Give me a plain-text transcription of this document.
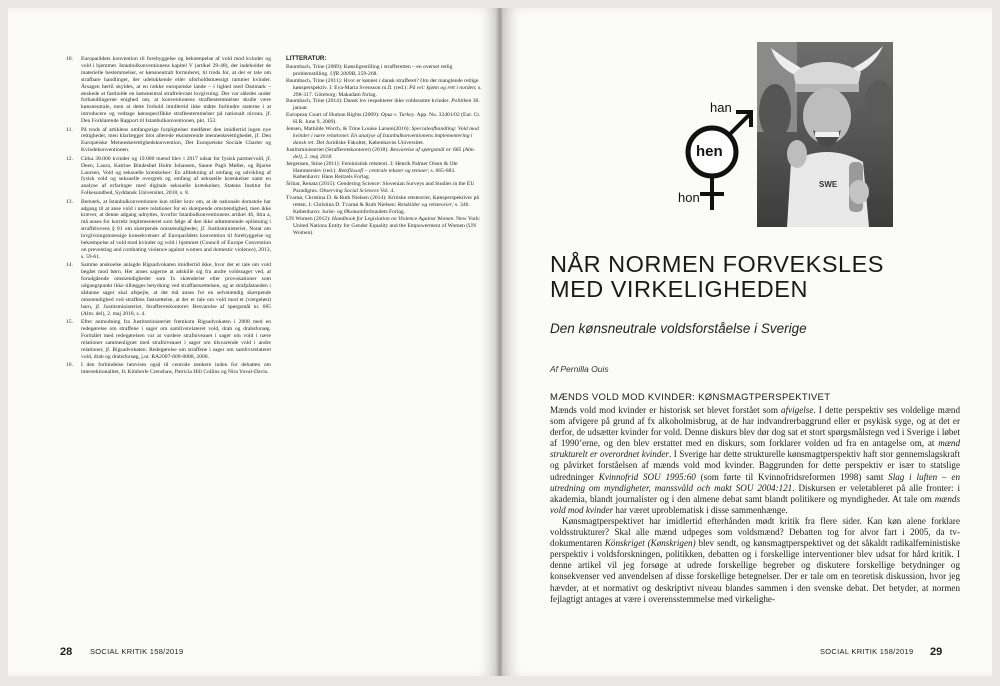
10.	Europarådets konvention til forebyggelse og bekæmpelse af vold mod kvinder og vold i hjemmet. Istanbulkonventionens kapitel V (artikel 29-48), der indeholder de materielle bestemmelser, er kønsneutralt formuleret, til trods for, at der er tale om strafbare handlinger, der udelukkende eller uforholdsmæssigt rammer kvinder. Årsagen hertil skyldes, at en række europæiske lande – i lighed med Danmark – ønskede at fastholde en kønsneutral strafrelevant lovgivning. Der var således under forhandlingerne enighed om, at konventionens strafbestemmelser skulle være kønsneutrale, men at dette forhold imidlertid ikke måtte forhindre staterne i at introducere og vedtage kønsspecifikke strafbestemmelser på nationalt niveau, jf. Den Forklarende Rapport til Istanbulkonventionen, pkt. 153.
11.	På trods af artiklens omfangsrige forpligtelser medfører den imidlertid ingen nye rettigheder, men klarlægger blot allerede eksisterende menneskerettigheder, jf. Den Europæiske Menneskerettighedskonvention, Det Europæiske Sociale Charter og Kvindekonventionen.
12.	Cirka 38.000 kvinder og 19.000 mænd blev i 2017 udsat for fysisk partnervold, jf. Deen, Laura, Katrine Bindesbøl Holm Johansen, Sanne Pagh Møller, og Bjarne Laursen, Vold og seksuelle krænkelser: En afdækning af omfang og udvikling af fysisk vold og seksuelle overgreb og omfang af seksuelle krænkelser samt en analyse af erfaringer med digitale seksuelle krænkelser, Statens Institut for Folkesundhed, Syddansk Universitet, 2018, s. 8.
13.	Bemærk, at Istanbulkonventionen kun stiller krav om, at de nationale domstole har adgang til at anse vold i nære relationer for en skærpende omstændighed, men ikke kræver, at denne adgang udnyttes, hvorfor Istanbulkonventionens artikel 46, litra a, må anses for korrekt implementeret som følge af den ikke udtømmende oplistning i straffelovens § 81 om skærpende omstændigheder, jf. Justitsministeriet, Notat om lovgivningsmæssige konsekvenser af Europarådets konvention til forebyggelse og bekæmpelse af vold mod kvinder og vold i hjemmet (Council of Europe Convention on preventing and combating violence against women and domestic violence), 2013, s. 59-61.
14.	Samme anskuelse anlagde Rigsadvokaten imidlertid ikke, hvor der er tale om vold begået mod børn. Her anses sagerne at adskille sig fra andre voldssager ved, at forudgående omstændigheder som fx skænderier eller provokationer som udgangspunkt ikke tillægges betydning ved straffastsættelsen, og at strafpåstanden i sådanne sager skal afspejle, at det må anses for en selvstændig skærpende omstændighed ved straffens fastsættelse, at der er tale om vold mod et (værgeløst) barn, jf. Justitsministeriet, Strafferetskontoret: Besvarelse af spørgsmål nr. 685 (Alm. del), 2. maj 2018, s. 4.
15.	Efter anmodning fra Justitsministeriet fremkom Rigsadvokaten i 2008 med en redegørelse om straffene i sager om samlivsrelateret vold, drab og drabsforsøg. Formålet med redegørelsen var at vurdere strafniveauet i sager om vold i nære relationer sammenlignet med strafniveauet i sager om tilsvarende vold i andre relationer, jf. Rigsadvokaten: Redegørelse om straffene i sager om samlivsrelateret vold, drab og drabsforsøg, j.nr. RA2007-609-0088, 2008.
16.	I den forbindelse henvises også til centrale tænkere inden for debatten om intersektionalitet, fx Kimberle Crenshaw, Patricia Hill Collins og Nira Yuval-Davis.
LITTERATUR:
Baumbach, Trine (2009): Kønsligestilling i strafferetten – en overset retlig problemstilling. UfR 2009B, 259-268.
Baumbach, Trine (2011): Hvor er kønnet i dansk strafferet? Om det manglende retlige kønsperspektiv. I: Eva-Maria Svensson m.fl. (red.): På vei: kjønn og rett i norden; s. 298-317. Göteborg: Makadam förlag.
Baumbach, Trine (2014): Dansk lov respekterer ikke voldsramte kvinder. Politiken 30. januar.
European Court of Human Rights (2009): Opuz v. Turkey. App. No. 33401/02 (Eur. Ct. H.R. June 9, 2009).
Jensen, Mathilde Worch, & Trine Louise Larsen(2016): Specialeafhandling: Vold mod kvinder i nære relationer. En analyse af Istanbulkonventionens implementering i dansk ret. Det Juridiske Fakultet, Københavns Universitet.
Justitsministeriet (Strafferetskontoret) (2018): Besvarelse af spørgsmål nr. 685 (Alm. del), 2. maj 2018.
Jørgensen, Stine (2011): Feministisk retsteori. I: Henrik Palmer Olsen & Ole Hammerslev (red.): Retsfilosofi – centrale tekster og temaer; s. 665-683. København: Hans Reitzels Forlag.
Šribar, Renata (2015): Gendering Science: Slovenian Surveys and Studies in the EU Paradigms. Observing Social Sciences Vol. 4.
Tvarnø, Christina D. & Ruth Nielsen (2014): Kritiske retsteorier, Kønsperspektiver på retten. I: Christina D. Tvarnø & Ruth Nielsen: Retskilder og retsteorier; s. 346. København: Jurist- og Økonomforbundets Forlag.
UN Women (2012): Handbook for Legislation on Violence Against Women. New York: United Nations Entity for Gender Equality and the Empowerment of Women (UN Women).
28 SOCIAL KRITIK 158/2019
SWE
han
hen
hon
NÅR NORMEN FORVEKSLES
MED VIRKELIGHEDEN
Den kønsneutrale voldsforståelse i Sverige
Af Pernilla Ouis
MÆNDS VOLD MOD KVINDER: KØNSMAGTPERSPEKTIVET

Mænds vold mod kvinder er historisk set blevet forstået som afvigelse. I dette perspektiv ses voldelige mænd som afvigere på grund af fx alkoholmisbrug, at de har indvandrerbaggrund eller er psykisk syge, og at det er derfor, de udsætter kvinder for vold. Denne diskurs blev dør dog sat et stort spørgsmålstegn ved i Sverige i løbet af 1990’erne, og den blev erstattet med en diskurs, som forklarer volden ud fra en antagelse om, at mænd strukturelt er overordnet kvinder. I Sverige har dette strukturelle kønsmagtperspektiv haft stor gennemslagskraft og påvirket forståelsen af mænds vold mod kvinder. Baggrunden for dette perspektiv er især to statslige udredninger Kvinnofrid SOU 1995:60 (som førte til Kvinnofridsreformen 1998) samt Slag i luften – en utredning om myndigheter, manssvåld och makt SOU 2004:121. Diskursen er veletableret på alle fronter: i akademia, blandt journalister og i den almene debat samt blandt politikere og myndigheder. At tale om mænds vold mod kvinder har været uproblematisk i disse sammenhænge.

Kønsmagtperspektivet har imidlertid efterhånden mødt kritik fra flere sider. Kan køn alene forklare voldsstrukturer? Skal alle mænd udpeges som voldsmænd? Debatten tog for alvor fart i 2005, da tv-dokumentaren Könskriget (Kønskrigen) blev sendt, og kønsmagtperspektivet og det såkaldt radikalfeministiske perspektiv i voldsforskningen, politikken, debatten og i forskellige interventioner blev udsat for hård kritik. I denne artikel vil jeg forsøge at udrede forskellige begreber og diskutere forskellige betydninger og konsekvenser ved anvendelsen af disse forskellige betegnelser. Der er tale om en teoretisk diskussion, hvor jeg hævder, at et normativt og deskriptivt niveau blandes sammen i den svenske debat. Det betyder, at normen fejlagtigt antages at være i overensstemmelse med virkelighe-

SOCIAL KRITIK 158/2019 29
